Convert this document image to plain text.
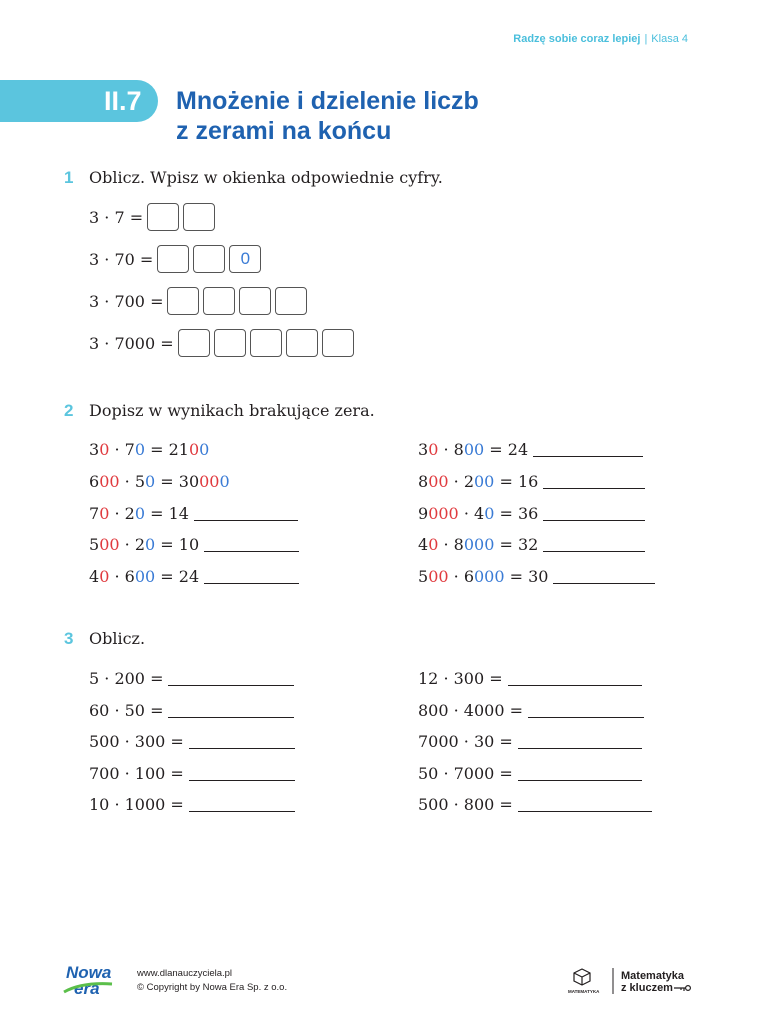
Radzę sobie coraz lepiej | Klasa 4
II.7 Mnożenie i dzielenie liczb
z zerami na końcu
1 Oblicz. Wpisz w okienka odpowiednie cyfry.
3 · 7 =
3 · 70 =	0
3 · 700 =
3 · 7000 =
2 Dopisz w wynikach brakujące zera.
3 0 · 7 0 = 21 0 0
6 00 · 5 0 = 30 00 0
7 0 · 2 0 = 14
5 00 · 2 0 = 10
4 0 · 6 00 = 24
3 0 · 8 00 = 24
8 00 · 2 00 = 16
9 000 · 4 0 = 36
4 0 · 8 000 = 32
5 00 · 6 000 = 30
3 Oblicz.
5 · 200 =
60 · 50 =
500 · 300 =
700 · 100 =
10 · 1000 =
12 · 300 =
800 · 4000 =
7000 · 30 =
50 · 7000 =
500 · 800 =
Nowa
era
www.dlanauczyciela.pl
© Copyright by Nowa Era Sp. z o.o.	MATEMATYKA
Matematyka
z kluczem
